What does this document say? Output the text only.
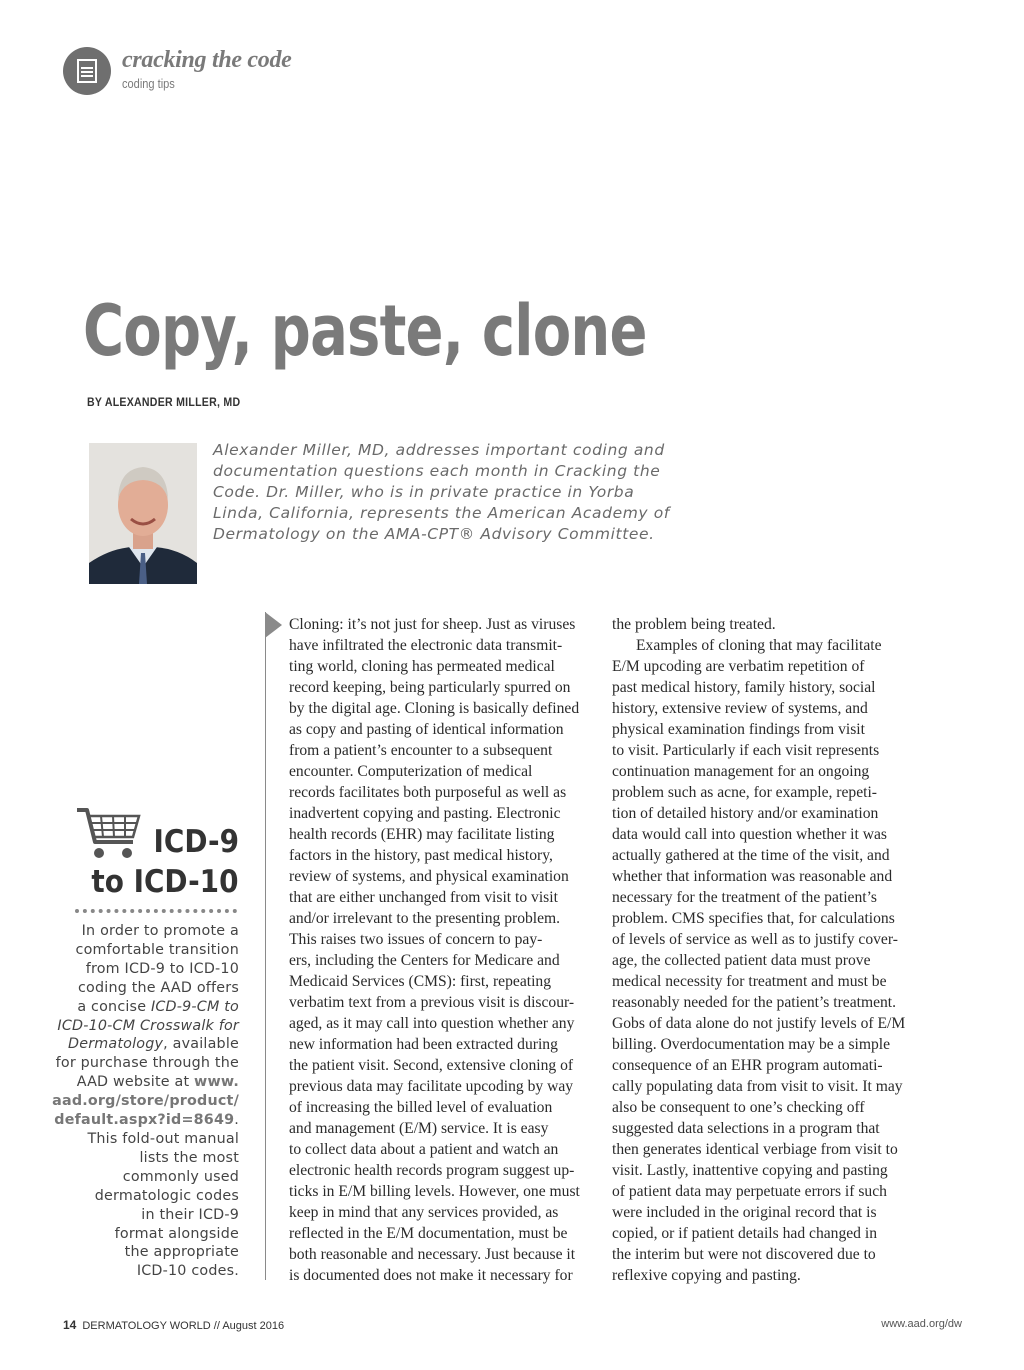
cracking the code
coding tips
Copy, paste, clone
BY ALEXANDER MILLER, MD
Alexander Miller, MD, addresses important coding and
documentation questions each month in Cracking the
Code. Dr. Miller, who is in private practice in Yorba
Linda, California, represents the American Academy of
Dermatology on the AMA-CPT® Advisory Committee.
ICD-9
to ICD-10
In order to promote a
comfortable transition
from ICD-9 to ICD-10
coding the AAD offers
a concise ICD-9-CM to
ICD-10-CM Crosswalk for
Dermatology, available
for purchase through the
AAD website at www.
aad.org/store/product/
default.aspx?id=8649.
This fold-out manual
lists the most
commonly used
dermatologic codes
in their ICD-9
format alongside
the appropriate
ICD-10 codes.
Cloning: it’s not just for sheep. Just as viruses
have infiltrated the electronic data transmit-
ting world, cloning has permeated medical
record keeping, being particularly spurred on
by the digital age. Cloning is basically defined
as copy and pasting of identical information
from a patient’s encounter to a subsequent
encounter. Computerization of medical
records facilitates both purposeful as well as
inadvertent copying and pasting. Electronic
health records (EHR) may facilitate listing
factors in the history, past medical history,
review of systems, and physical examination
that are either unchanged from visit to visit
and/or irrelevant to the presenting problem.
This raises two issues of concern to pay-
ers, including the Centers for Medicare and
Medicaid Services (CMS): first, repeating
verbatim text from a previous visit is discour-
aged, as it may call into question whether any
new information had been extracted during
the patient visit. Second, extensive cloning of
previous data may facilitate upcoding by way
of increasing the billed level of evaluation
and management (E/M) service. It is easy
to collect data about a patient and watch an
electronic health records program suggest up-
ticks in E/M billing levels. However, one must
keep in mind that any services provided, as
reflected in the E/M documentation, must be
both reasonable and necessary. Just because it
is documented does not make it necessary for
the problem being treated.
Examples of cloning that may facilitate
E/M upcoding are verbatim repetition of
past medical history, family history, social
history, extensive review of systems, and
physical examination findings from visit
to visit. Particularly if each visit represents
continuation management for an ongoing
problem such as acne, for example, repeti-
tion of detailed history and/or examination
data would call into question whether it was
actually gathered at the time of the visit, and
whether that information was reasonable and
necessary for the treatment of the patient’s
problem. CMS specifies that, for calculations
of levels of service as well as to justify cover-
age, the collected patient data must prove
medical necessity for treatment and must be
reasonably needed for the patient’s treatment.
Gobs of data alone do not justify levels of E/M
billing. Overdocumentation may be a simple
consequence of an EHR program automati-
cally populating data from visit to visit. It may
also be consequent to one’s checking off
suggested data selections in a program that
then generates identical verbiage from visit to
visit. Lastly, inattentive copying and pasting
of patient data may perpetuate errors if such
were included in the original record that is
copied, or if patient details had changed in
the interim but were not discovered due to
reflexive copying and pasting.
14 DERMATOLOGY WORLD // August 2016	www.aad.org/dw
